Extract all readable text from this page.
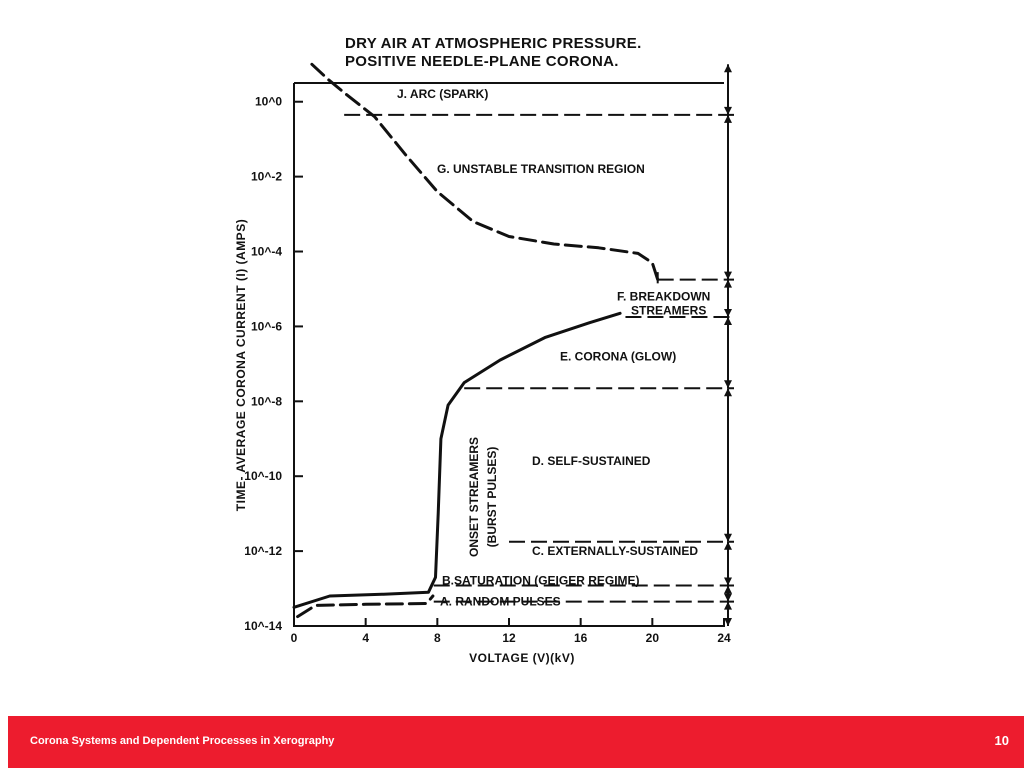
DRY AIR AT ATMOSPHERIC PRESSURE.
POSITIVE NEEDLE-PLANE CORONA.
TIME- AVERAGE CORONA CURRENT (I) (AMPS)
VOLTAGE (V)(kV)
10^0
10^-2
10^-4
10^-6
10^-8
10^-10
10^-12
10^-14
0	4	8	12	16	20	24
J. ARC (SPARK)
G. UNSTABLE TRANSITION REGION
F. BREAKDOWN
STREAMERS
E. CORONA (GLOW)
D. SELF-SUSTAINED
C. EXTERNALLY-SUSTAINED
B.SATURATION (GEIGER REGIME)
A. RANDOM PULSES
ONSET STREAMERS (BURST PULSES)
Corona Systems and Dependent Processes in Xerography	10
